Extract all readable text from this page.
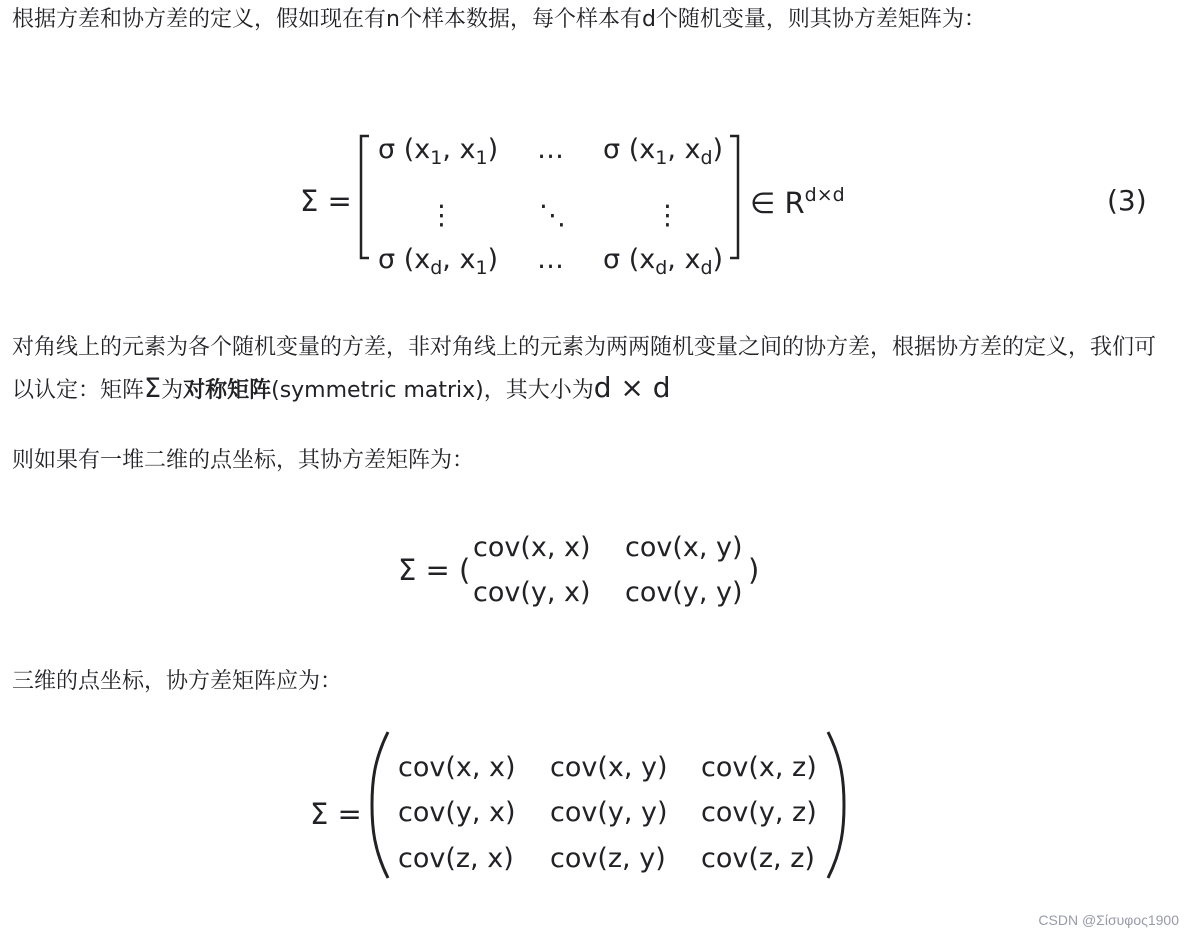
根据方差和协方差的定义，假如现在有n个样本数据，每个样本有d个随机变量，则其协方差矩阵为：

Σ =
σ ($x_1$, $x_1$) … σ ($x_1$, $x_d$)
⋮	⋱	⋮
σ ($x_d$, $x_1$) … σ ($x_d$, $x_d$)
∈ $R^{d\times d}$	(3)

对角线上的元素为各个随机变量的方差，非对角线上的元素为两两随机变量之间的协方差，根据协方差的定义，我们可以认定：矩阵Σ为对称矩阵(symmetric matrix)，其大小为d × d

则如果有一堆二维的点坐标，其协方差矩阵为：

Σ = (
cov(x, x) cov(x, y)
cov(y, x) cov(y, y)
)

三维的点坐标，协方差矩阵应为：

Σ =
cov(x, x) cov(x, y) cov(x, z)
cov(y, x) cov(y, y) cov(y, z)
cov(z, x) cov(z, y) cov(z, z)
CSDN @Σίσυφος1900
